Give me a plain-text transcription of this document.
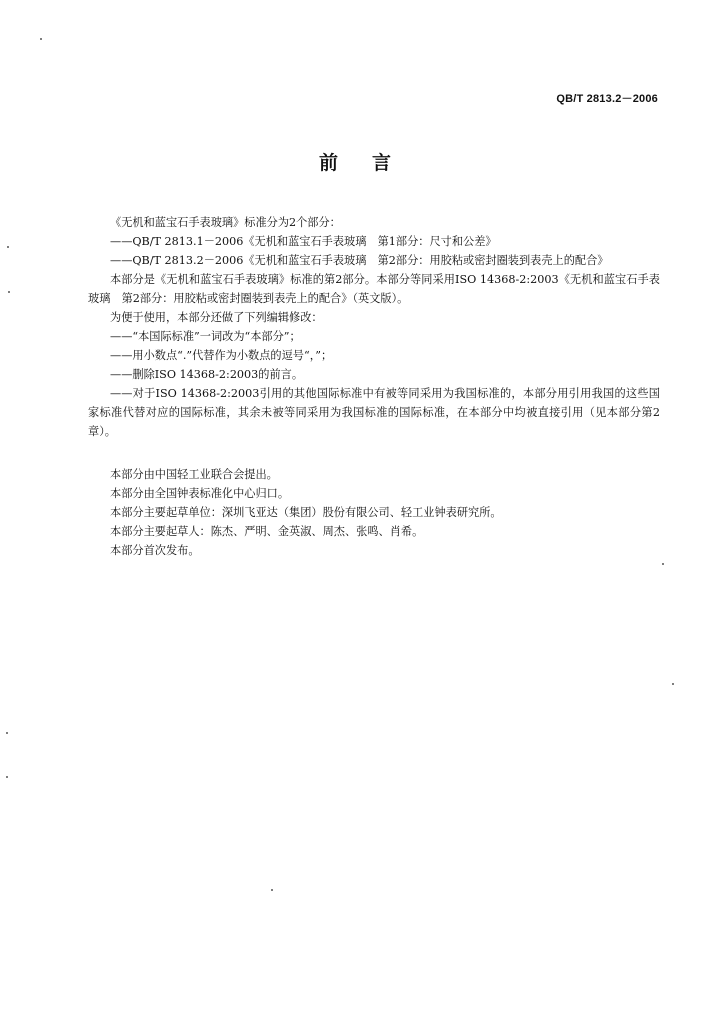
QB/T 2813.2－2006
前言

《无机和蓝宝石手表玻璃》标准分为2个部分：

——QB/T 2813.1－2006《无机和蓝宝石手表玻璃　第1部分：尺寸和公差》

——QB/T 2813.2－2006《无机和蓝宝石手表玻璃　第2部分：用胶粘或密封圈装到表壳上的配合》

本部分是《无机和蓝宝石手表玻璃》标准的第2部分。本部分等同采用ISO 14368-2:2003《无机和蓝宝石手表玻璃　第2部分：用胶粘或密封圈装到表壳上的配合》（英文版）。

为便于使用，本部分还做了下列编辑修改：

——“本国际标准”一词改为“本部分”；

——用小数点“.”代替作为小数点的逗号“，”；

——删除ISO 14368-2:2003的前言。

——对于ISO 14368-2:2003引用的其他国际标准中有被等同采用为我国标准的，本部分用引用我国的这些国家标准代替对应的国际标准，其余未被等同采用为我国标准的国际标准，在本部分中均被直接引用（见本部分第2章）。

本部分由中国轻工业联合会提出。

本部分由全国钟表标准化中心归口。

本部分主要起草单位：深圳飞亚达（集团）股份有限公司、轻工业钟表研究所。

本部分主要起草人：陈杰、严明、金英淑、周杰、张鸣、肖希。

本部分首次发布。
